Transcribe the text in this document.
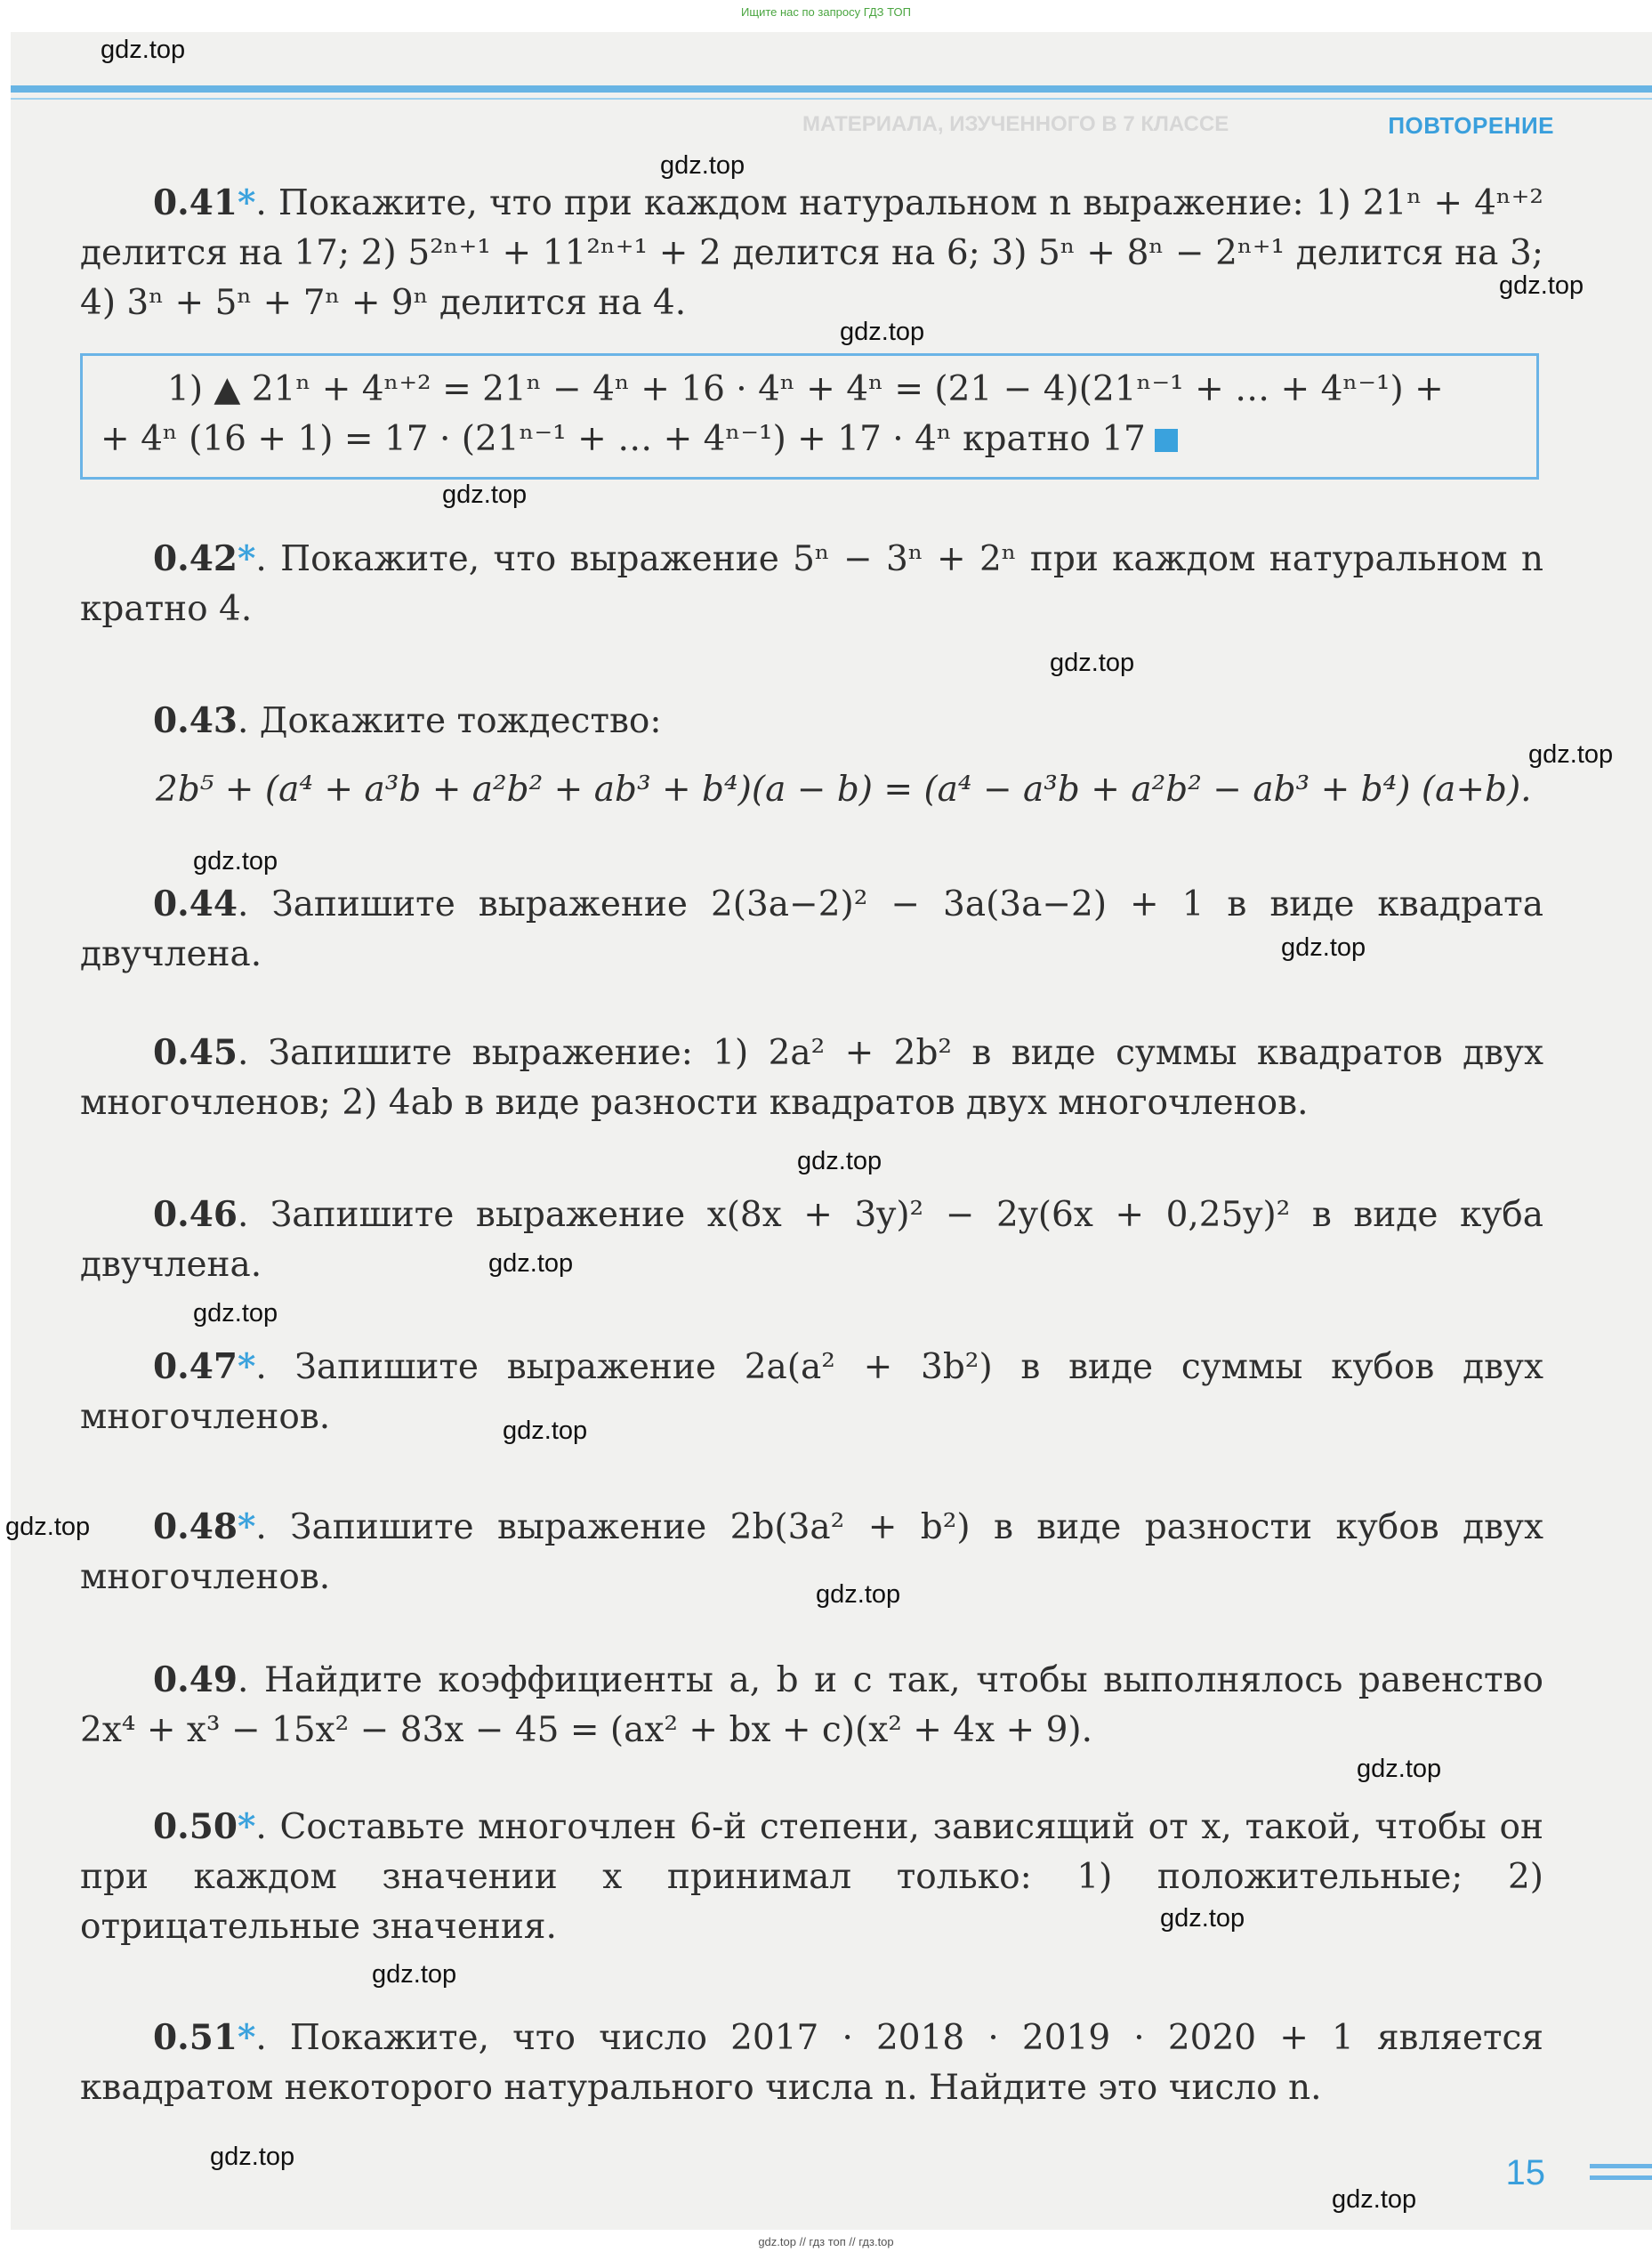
Ищите нас по запросу ГДЗ ТОП
МАТЕРИАЛА, ИЗУЧЕННОГО В 7 КЛАССЕ	ПОВТОРЕНИЕ
0.41*. Покажите, что при каждом натуральном n выражение: 1) 21ⁿ + 4ⁿ⁺² делится на 17; 2) 5²ⁿ⁺¹ + 11²ⁿ⁺¹ + 2 делится на 6; 3) 5ⁿ + 8ⁿ − 2ⁿ⁺¹ делится на 3; 4) 3ⁿ + 5ⁿ + 7ⁿ + 9ⁿ делится на 4.
1) ▲ 21ⁿ + 4ⁿ⁺² = 21ⁿ − 4ⁿ + 16 · 4ⁿ + 4ⁿ = (21 − 4)(21ⁿ⁻¹ + … + 4ⁿ⁻¹) +
+ 4ⁿ (16 + 1) = 17 · (21ⁿ⁻¹ + … + 4ⁿ⁻¹) + 17 · 4ⁿ кратно 17
0.42*. Покажите, что выражение 5ⁿ − 3ⁿ + 2ⁿ при каждом натуральном n кратно 4.
0.43. Докажите тождество:
2b⁵ + (a⁴ + a³b + a²b² + ab³ + b⁴)(a − b) = (a⁴ − a³b + a²b² − ab³ + b⁴) (a+b).
0.44. Запишите выражение 2(3a−2)² − 3a(3a−2) + 1 в виде квадрата двучлена.
0.45. Запишите выражение: 1) 2a² + 2b² в виде суммы квадратов двух многочленов; 2) 4ab в виде разности квадратов двух многочленов.
0.46. Запишите выражение x(8x + 3y)² − 2y(6x + 0,25y)² в виде куба двучлена.
0.47*. Запишите выражение 2a(a² + 3b²) в виде суммы кубов двух многочленов.
0.48*. Запишите выражение 2b(3a² + b²) в виде разности кубов двух многочленов.
0.49. Найдите коэффициенты a, b и c так, чтобы выполнялось равенство 2x⁴ + x³ − 15x² − 83x − 45 = (ax² + bx + c)(x² + 4x + 9).
0.50*. Составьте многочлен 6-й степени, зависящий от x, такой, чтобы он при каждом значении x принимал только: 1) положительные; 2) отрицательные значения.
0.51*. Покажите, что число 2017 · 2018 · 2019 · 2020 + 1 является квадратом некоторого натурального числа n. Найдите это число n.
15
gdz.top
gdz.top
gdz.top
gdz.top
gdz.top
gdz.top
gdz.top
gdz.top
gdz.top
gdz.top
gdz.top
gdz.top
gdz.top
gdz.top
gdz.top
gdz.top
gdz.top
gdz.top
gdz.top
gdz.top
gdz.top // гдз топ // гдз.top
